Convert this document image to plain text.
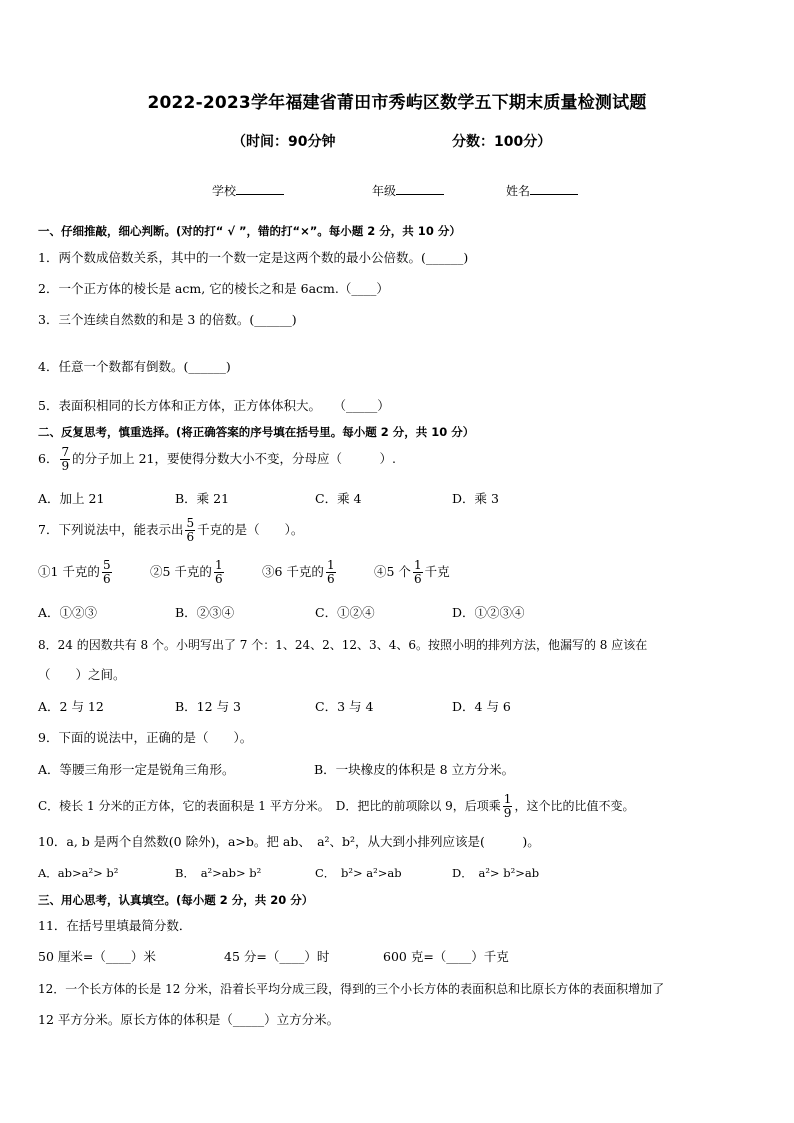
2022-2023学年福建省莆田市秀屿区数学五下期末质量检测试题
（时间：90分钟	分数：100分）
学校	年级	姓名
一、仔细推敲，细心判断。(对的打“ √ ”，错的打“×”。每小题 2 分，共 10 分）
1．两个数成倍数关系，其中的一个数一定是这两个数的最小公倍数。(______)
2．一个正方体的棱长是 acm, 它的棱长之和是 6acm.（____）
3．三个连续自然数的和是 3 的倍数。(______)
4．任意一个数都有倒数。(______)
5．表面积相同的长方体和正方体，正方体体积大。　　（_____）
二、反复思考，慎重选择。(将正确答案的序号填在括号里。每小题 2 分，共 10 分）
6． $\frac{7}{9}$ 的分子加上 21，要使得分数大小不变，分母应（　　　）.
A．加上 21	B．乘 21	C．乘 4	D．乘 3
7．下列说法中，能表示出 $\frac{5}{6}$ 千克的是（　　）。
①1 千克的 $\frac{5}{6}$	②5 千克的 $\frac{1}{6}$	③6 千克的 $\frac{1}{6}$	④5 个 $\frac{1}{6}$ 千克
A．①②③	B．②③④	C．①②④	D．①②③④
8．24 的因数共有 8 个。小明写出了 7 个：1、24、2、12、3、4、6。按照小明的排列方法，他漏写的 8 应该在
（　　）之间。
A．2 与 12	B．12 与 3	C．3 与 4	D．4 与 6
9．下面的说法中，正确的是（　　）。
A．等腰三角形一定是锐角三角形。	B．一块橡皮的体积是 8 立方分米。
C．棱长 1 分米的正方体，它的表面积是 1 平方分米。 D．把比的前项除以 9，后项乘 $\frac{1}{9}$ ，这个比的比值不变。
10．a, b 是两个自然数(0 除外)，a>b。把 ab、　a²、b²，从大到小排列应该是(　　　)。
A．ab>a²> b²	B．　a²>ab> b²	C．　b²> a²>ab	D．　a²> b²>ab
三、用心思考，认真填空。(每小题 2 分，共 20 分）
11．在括号里填最简分数．
50 厘米=（____）米	45 分=（____）时	600 克=（____）千克
12．一个长方体的长是 12 分米，沿着长平均分成三段，得到的三个小长方体的表面积总和比原长方体的表面积增加了
12 平方分米。原长方体的体积是（_____）立方分米。
